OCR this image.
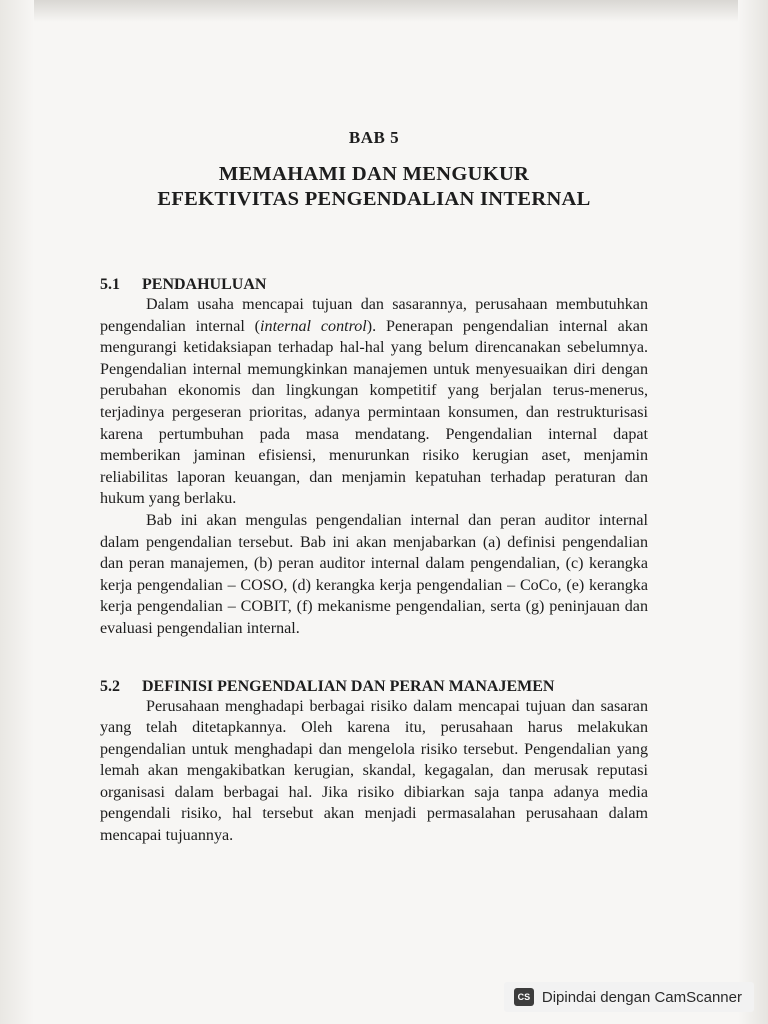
BAB 5
MEMAHAMI DAN MENGUKUR
EFEKTIVITAS PENGENDALIAN INTERNAL
5.1	PENDAHULUAN

Dalam usaha mencapai tujuan dan sasarannya, perusahaan membutuhkan pengendalian internal (internal control). Penerapan pengendalian internal akan mengurangi ketidaksiapan terhadap hal-hal yang belum direncanakan sebelumnya. Pengendalian internal memungkinkan manajemen untuk menyesuaikan diri dengan perubahan ekonomis dan lingkungan kompetitif yang berjalan terus-menerus, terjadinya pergeseran prioritas, adanya permintaan konsumen, dan restrukturisasi karena pertumbuhan pada masa mendatang. Pengendalian internal dapat memberikan jaminan efisiensi, menurunkan risiko kerugian aset, menjamin reliabilitas laporan keuangan, dan menjamin kepatuhan terhadap peraturan dan hukum yang berlaku.

Bab ini akan mengulas pengendalian internal dan peran auditor internal dalam pengendalian tersebut. Bab ini akan menjabarkan (a) definisi pengendalian dan peran manajemen, (b) peran auditor internal dalam pengendalian, (c) kerangka kerja pengendalian – COSO, (d) kerangka kerja pengendalian – CoCo, (e) kerangka kerja pengendalian – COBIT, (f) mekanisme pengendalian, serta (g) peninjauan dan evaluasi pengendalian internal.

5.2	DEFINISI PENGENDALIAN DAN PERAN MANAJEMEN

Perusahaan menghadapi berbagai risiko dalam mencapai tujuan dan sasaran yang telah ditetapkannya. Oleh karena itu, perusahaan harus melakukan pengendalian untuk menghadapi dan mengelola risiko tersebut. Pengendalian yang lemah akan mengakibatkan kerugian, skandal, kegagalan, dan merusak reputasi organisasi dalam berbagai hal. Jika risiko dibiarkan saja tanpa adanya media pengendali risiko, hal tersebut akan menjadi permasalahan perusahaan dalam mencapai tujuannya.

CS Dipindai dengan CamScanner
